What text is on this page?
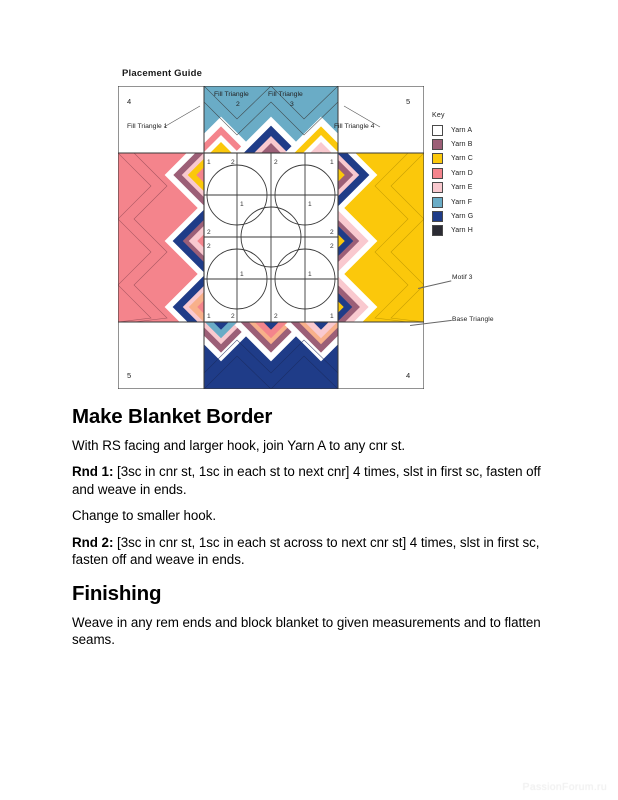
Placement Guide
4	5
5	4
Fill Triangle 1	Fill Triangle 4
Fill Triangle
2
Fill Triangle
3
1	2	2	1
1	1
2	2
2	2
1	1
1	2	2	1
Motif 3
Base Triangle
Key
Yarn A
Yarn B
Yarn C
Yarn D
Yarn E
Yarn F
Yarn G
Yarn H
Make Blanket Border

With RS facing and larger hook, join Yarn A to any cnr st.

Rnd 1: [3sc in cnr st, 1sc in each st to next cnr] 4 times, slst in first sc, fasten off and weave in ends.

Change to smaller hook.

Rnd 2: [3sc in cnr st, 1sc in each st across to next cnr st] 4 times, slst in first sc, fasten off and weave in ends.

Finishing

Weave in any rem ends and block blanket to given measurements and to flatten seams.

PassionForum.ru
